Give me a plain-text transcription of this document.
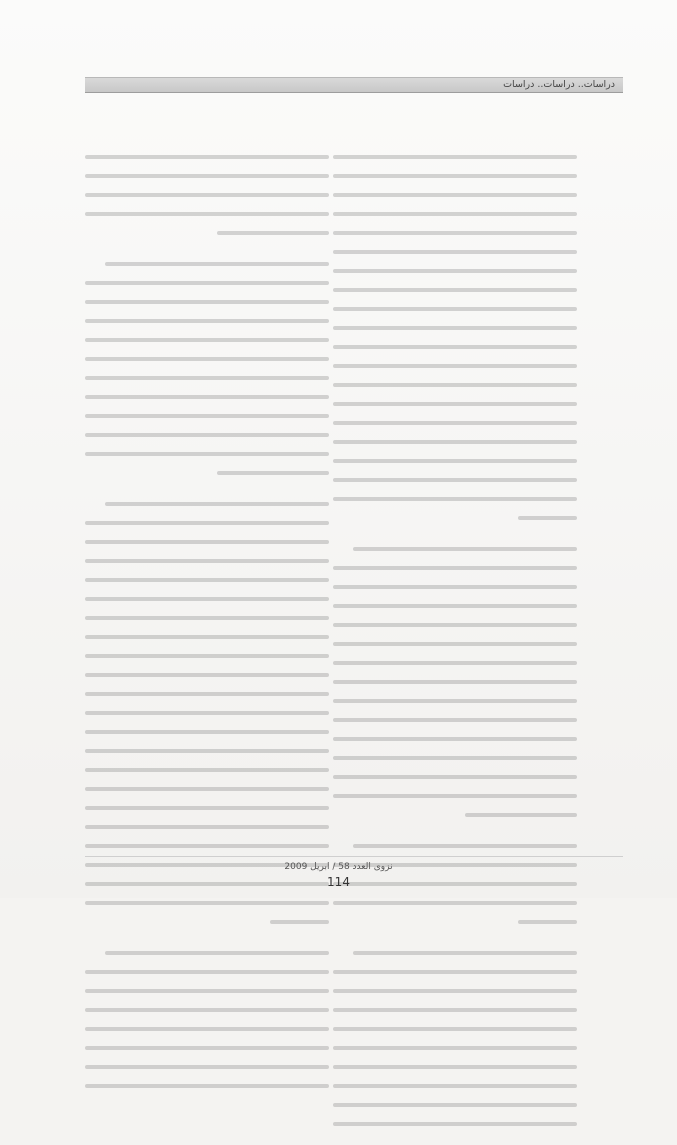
دراسات.. دراسات.. دراسات
نزوى العدد 58 / ابريل 2009
114
